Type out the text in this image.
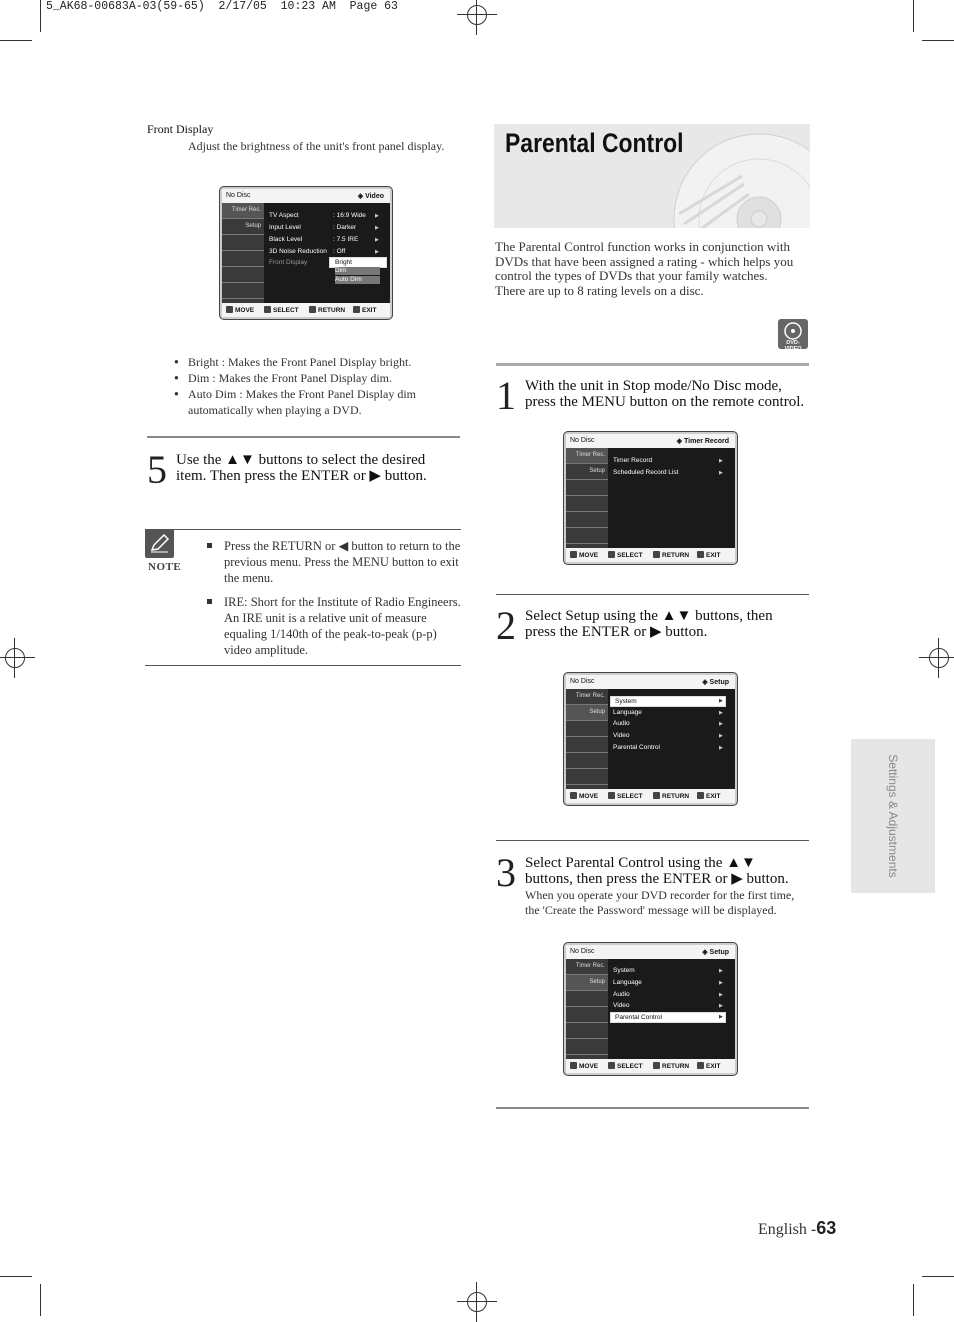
5_AK68-00683A-03(59-65)  2/17/05  10:23 AM  Page 63
Front Display
Adjust the brightness of the unit's front panel display.
No Disc	◈ Video
Timer Rec.
Setup
TV Aspect	: 16:9 Wide ▶
Input Level	: Darker	▶
Black Level	: 7.5 IRE	▶
3D Noise Reduction : Off	▶
Front Display	Bright
Dim
Auto Dim
MOVE	SELECT	RETURN	EXIT
● Bright : Makes the Front Panel Display bright.
● Dim : Makes the Front Panel Display dim.
● Auto Dim : Makes the Front Panel Display dim automatically when playing a DVD.
5 Use the ▲▼ buttons to select the desired
item. Then press the ENTER or ▶ button.
NOTE
Press the RETURN or ◀ button to return to the previous menu. Press the MENU button to exit the menu.
IRE: Short for the Institute of Radio Engineers. An IRE unit is a relative unit of measure equaling 1/140th of the peak-to-peak (p-p) video amplitude.
Parental Control
The Parental Control function works in conjunction with DVDs that have been assigned a rating - which helps you control the types of DVDs that your family watches. There are up to 8 rating levels on a disc.
DVD-VIDEO
1 With the unit in Stop mode/No Disc mode,
press the MENU button on the remote control.
No Disc	◈ Timer Record
Timer Rec.
Setup
Timer Record	▶
Scheduled Record List	▶
MOVE	SELECT	RETURN	EXIT
2 Select Setup using the ▲▼ buttons, then
press the ENTER or ▶ button.
No Disc	◈ Setup
Timer Rec.
Setup
System	▶
Language	▶
Audio	▶
Video	▶
Parental Control	▶
MOVE	SELECT	RETURN	EXIT
3 Select Parental Control using the ▲▼
buttons, then press the ENTER or ▶ button.
When you operate your DVD recorder for the first time, the 'Create the Password' message will be displayed.
No Disc	◈ Setup
Timer Rec.
Setup
System	▶
Language	▶
Audio	▶
Video	▶
Parental Control	▶
MOVE	SELECT	RETURN	EXIT
Settings & Adjustments
English -63
